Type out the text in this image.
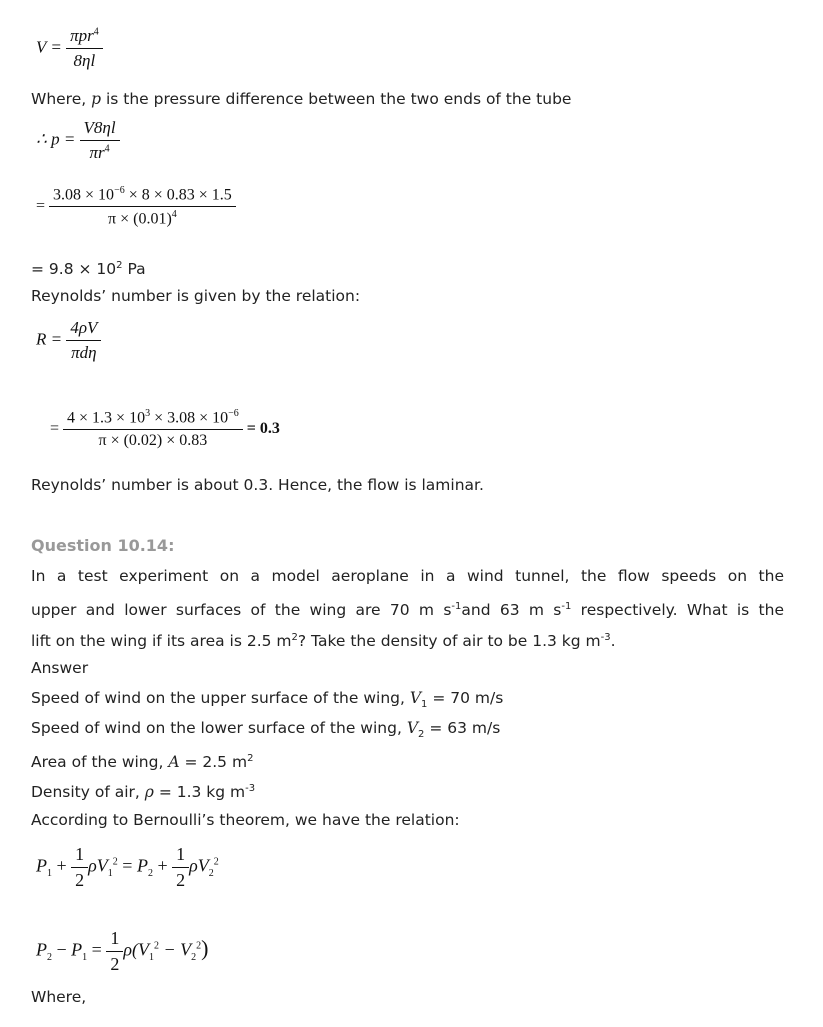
$V = \frac{\pi pr^4}{8\eta l}$
Where, p is the pressure difference between the two ends of the tube
∴ $p = \frac{V8\eta l}{\pi r^4}$
= $\frac{3.08 \times 10^{-6} \times 8 \times 0.83 \times 1.5}{\pi \times (0.01)^4}$
= $9.8 \times 10^2$ Pa
Reynolds’ number is given by the relation:
$R = \frac{4\rho V}{\text{πdη}}$
= $\frac{4 \times 1.3 \times 10^3 \times 3.08 \times 10^{-6}}{\pi \times (0.02) \times 0.83} = 0.3$
Reynolds’ number is about 0.3. Hence, the flow is laminar.
Question 10.14:
In a test experiment on a model aeroplane in a wind tunnel, the flow speeds on the
upper and lower surfaces of the wing are 70 m $s^{-1}and$ 63 m $s^{-1}$ respectively. What is the
lift on the wing if its area is 2.5 $m^2$? Take the density of air to be 1.3 kg $m^{-3}$.
Answer
Speed of wind on the upper surface of the wing, $V_1 = 70$ m/s
Speed of wind on the lower surface of the wing, $V_2 = 63$ m/s
Area of the wing, A = 2.5 $m^2$
Density of air, ρ = 1.3 kg $m^{-3}$
According to Bernoulli’s theorem, we have the relation:
$P_1 + \frac{1}{2} \rho V_1^2 = P_2 + \frac{1}{2} \rho V_2^2$
$P_2 - P_1 = \frac{1}{2} \rho(V_1^2 - V_2^2)$
Where,
